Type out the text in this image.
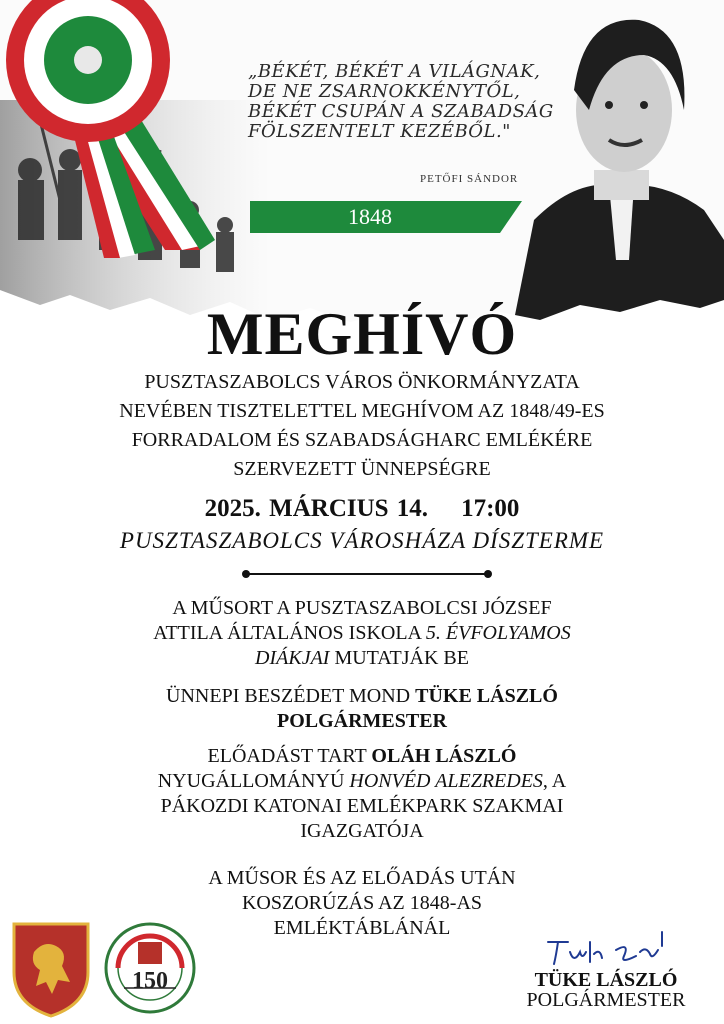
„BÉKÉT, BÉKÉT A VILÁGNAK,
DE NE ZSARNOKKÉNYTŐL,
BÉKÉT CSUPÁN A SZABADSÁG
FÖLSZENTELT KEZÉBŐL."
PETŐFI SÁNDOR
1848
MEGHÍVÓ
PUSZTASZABOLCS VÁROS ÖNKORMÁNYZATA
NEVÉBEN TISZTELETTEL MEGHÍVOM AZ 1848/49-ES
FORRADALOM ÉS SZABADSÁGHARC EMLÉKÉRE
SZERVEZETT ÜNNEPSÉGRE
2025. MÁRCIUS 14. 17:00
PUSZTASZABOLCS VÁROSHÁZA DÍSZTERME
A MŰSORT A PUSZTASZABOLCSI JÓZSEF
ATTILA ÁLTALÁNOS ISKOLA 5. ÉVFOLYAMOS
DIÁKJAI MUTATJÁK BE
ÜNNEPI BESZÉDET MOND TÜKE LÁSZLÓ
POLGÁRMESTER
ELŐADÁST TART OLÁH LÁSZLÓ
NYUGÁLLOMÁNYÚ HONVÉD ALEZREDES, A
PÁKOZDI KATONAI EMLÉKPARK SZAKMAI
IGAZGATÓJA
A MŰSOR ÉS AZ ELŐADÁS UTÁN
KOSZORÚZÁS AZ 1848-AS
EMLÉKTÁBLÁNÁL
150	TÜKE LÁSZLÓ
POLGÁRMESTER
